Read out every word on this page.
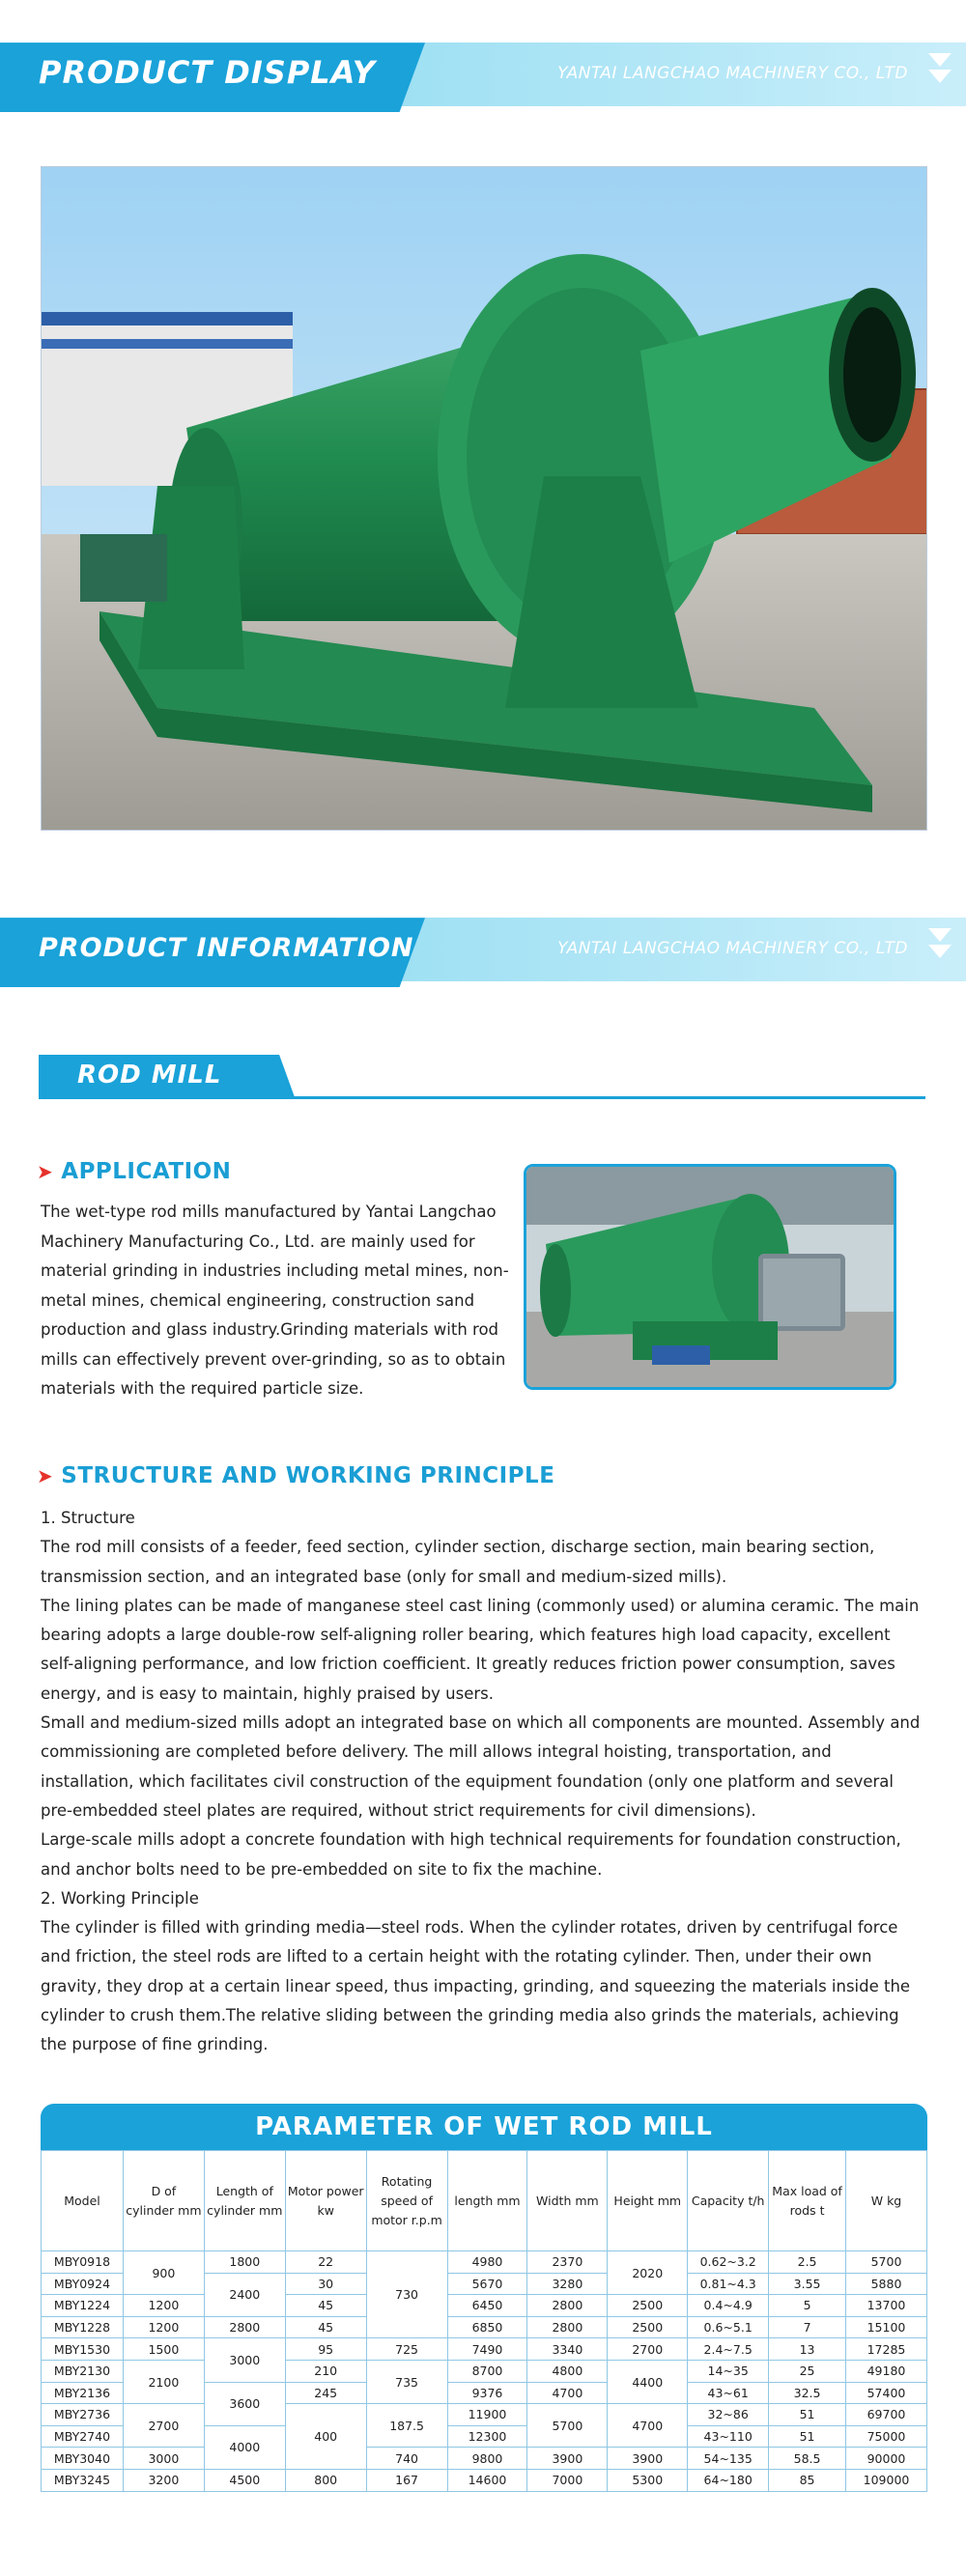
PRODUCT DISPLAY	YANTAI LANGCHAO MACHINERY CO., LTD
PRODUCT INFORMATION	YANTAI LANGCHAO MACHINERY CO., LTD
ROD MILL
➤ APPLICATION
The wet-type rod mills manufactured by Yantai Langchao Machinery Manufacturing Co., Ltd. are mainly used for material grinding in industries including metal mines, non-metal mines, chemical engineering, construction sand production and glass industry.Grinding materials with rod mills can effectively prevent over-grinding, so as to obtain materials with the required particle size.
➤ STRUCTURE AND WORKING PRINCIPLE

1. Structure

The rod mill consists of a feeder, feed section, cylinder section, discharge section, main bearing section, transmission section, and an integrated base (only for small and medium-sized mills).

The lining plates can be made of manganese steel cast lining (commonly used) or alumina ceramic. The main bearing adopts a large double-row self-aligning roller bearing, which features high load capacity, excellent self-aligning performance, and low friction coefficient. It greatly reduces friction power consumption, saves energy, and is easy to maintain, highly praised by users.

Small and medium-sized mills adopt an integrated base on which all components are mounted. Assembly and commissioning are completed before delivery. The mill allows integral hoisting, transportation, and installation, which facilitates civil construction of the equipment foundation (only one platform and several pre-embedded steel plates are required, without strict requirements for civil dimensions).

Large-scale mills adopt a concrete foundation with high technical requirements for foundation construction, and anchor bolts need to be pre-embedded on site to fix the machine.

2. Working Principle

The cylinder is filled with grinding media—steel rods. When the cylinder rotates, driven by centrifugal force and friction, the steel rods are lifted to a certain height with the rotating cylinder. Then, under their own gravity, they drop at a certain linear speed, thus impacting, grinding, and squeezing the materials inside the cylinder to crush them.The relative sliding between the grinding media also grinds the materials, achieving the purpose of fine grinding.

PARAMETER OF WET ROD MILL
Model	D of cylinder mm	Length of cylinder mm	Motor power kw	Rotating speed of motor r.p.m	length mm	Width mm	Height mm	Capacity t/h	Max load of rods t	W kg
MBY0918	900	1800	22	730	4980	2370	2020	0.62~3.2	2.5	5700
MBY0924		2400	30		5670	3280		0.81~4.3	3.55	5880
MBY1224	1200		45		6450	2800	2500	0.4~4.9	5	13700
MBY1228	1200	2800	45		6850	2800	2500	0.6~5.1	7	15100
MBY1530	1500	3000	95	725	7490	3340	2700	2.4~7.5	13	17285
MBY2130	2100		210	735	8700	4800	4400	14~35	25	49180
MBY2136		3600	245		9376	4700		43~61	32.5	57400
MBY2736	2700		400	187.5	11900	5700	4700	32~86	51	69700
MBY2740		4000			12300			43~110	51	75000
MBY3040	3000			740	9800	3900	3900	54~135	58.5	90000
MBY3245	3200	4500	800	167	14600	7000	5300	64~180	85	109000
